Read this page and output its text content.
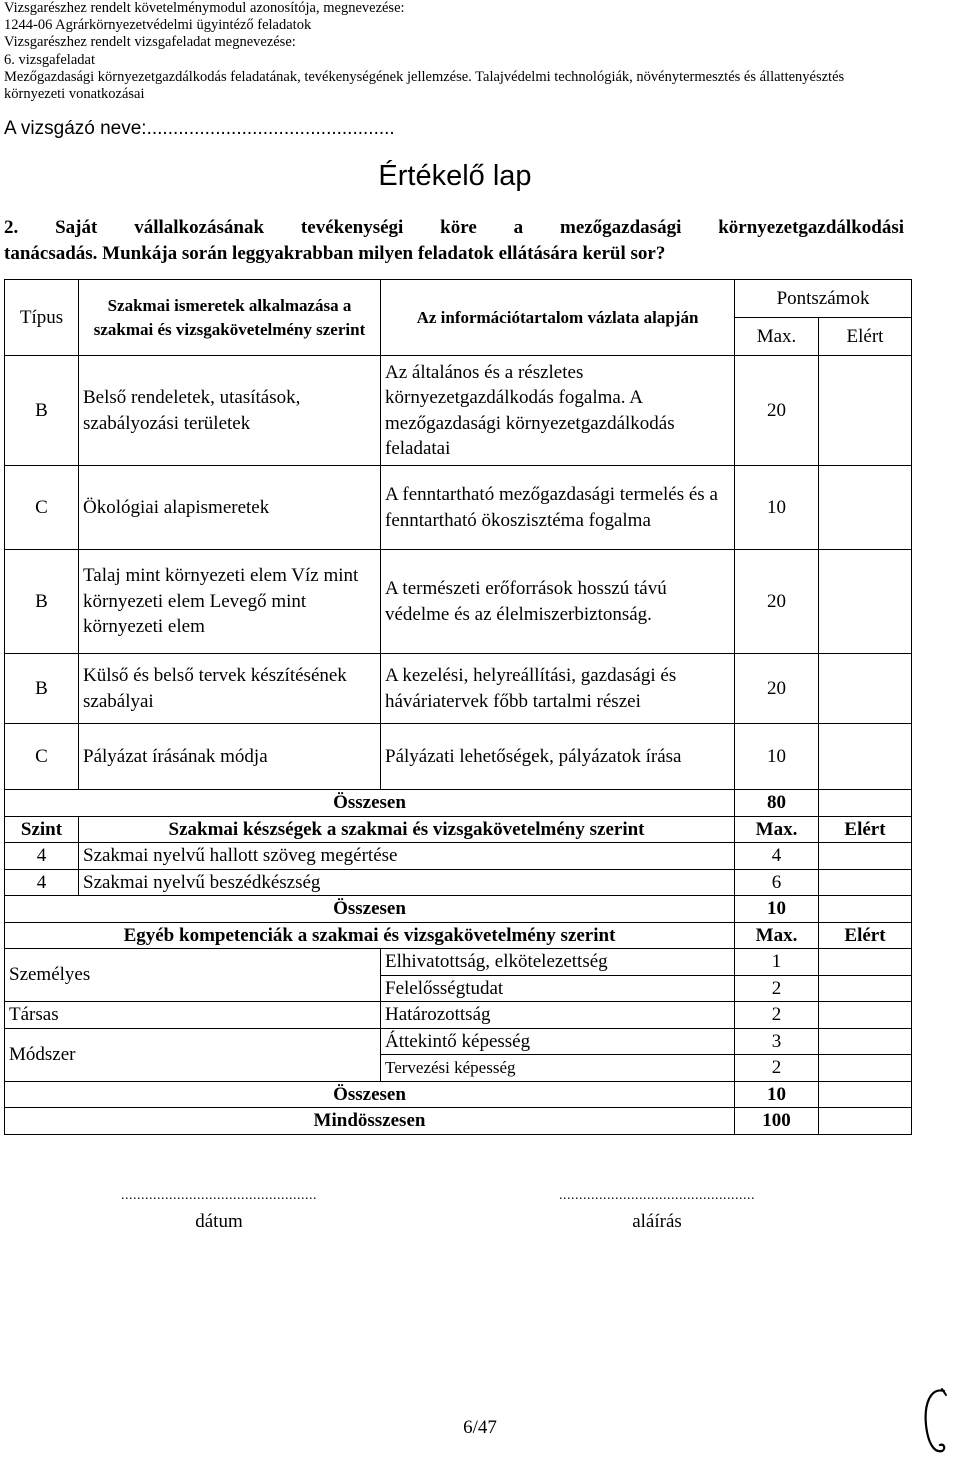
Vizsgarészhez rendelt követelménymodul azonosítója, megnevezése:
1244-06 Agrárkörnyezetvédelmi ügyintéző feladatok
Vizsgarészhez rendelt vizsgafeladat megnevezése:
6. vizsgafeladat
Mezőgazdasági környezetgazdálkodás feladatának, tevékenységének jellemzése. Talajvédelmi technológiák, növénytermesztés és állattenyésztés
környezeti vonatkozásai
A vizsgázó neve:...............................................
Értékelő lap
2. Saját vállalkozásának tevékenységi köre a mezőgazdasági környezetgazdálkodási
tanácsadás. Munkája során leggyakrabban milyen feladatok ellátására kerül sor?
Típus	Szakmai ismeretek alkalmazása a szakmai és vizsgakövetelmény szerint	Az információtartalom vázlata alapján	Pontszámok	
			Max.	Elért
B	Belső rendeletek, utasítások, szabályozási területek	Az általános és a részletes környezetgazdálkodás fogalma. A mezőgazdasági környezetgazdálkodás feladatai	20	
C	Ökológiai alapismeretek	A fenntartható mezőgazdasági termelés és a fenntartható ökoszisztéma fogalma	10	
B	Talaj mint környezeti elem Víz mint környezeti elem Levegő mint környezeti elem	A természeti erőforrások hosszú távú védelme és az élelmiszerbiztonság.	20	
B	Külső és belső tervek készítésének szabályai	A kezelési, helyreállítási, gazdasági és háváriatervek főbb tartalmi részei	20	
C	Pályázat írásának módja	Pályázati lehetőségek, pályázatok írása	10	
Összesen			80	
Szint	Szakmai készségek a szakmai és vizsgakövetelmény szerint		Max.	Elért
4	Szakmai nyelvű hallott szöveg megértése		4	
4	Szakmai nyelvű beszédkészség		6	
Összesen			10	
Egyéb kompetenciák a szakmai és vizsgakövetelmény szerint			Max.	Elért
Személyes		Elhivatottság, elkötelezettség	1	
		Felelősségtudat	2	
Társas		Határozottság	2	
Módszer		Áttekintő képesség	3	
		Tervezési képesség	2	
Összesen			10	
Mindösszesen			100	
.................................................
dátum
.................................................
aláírás
6/47
